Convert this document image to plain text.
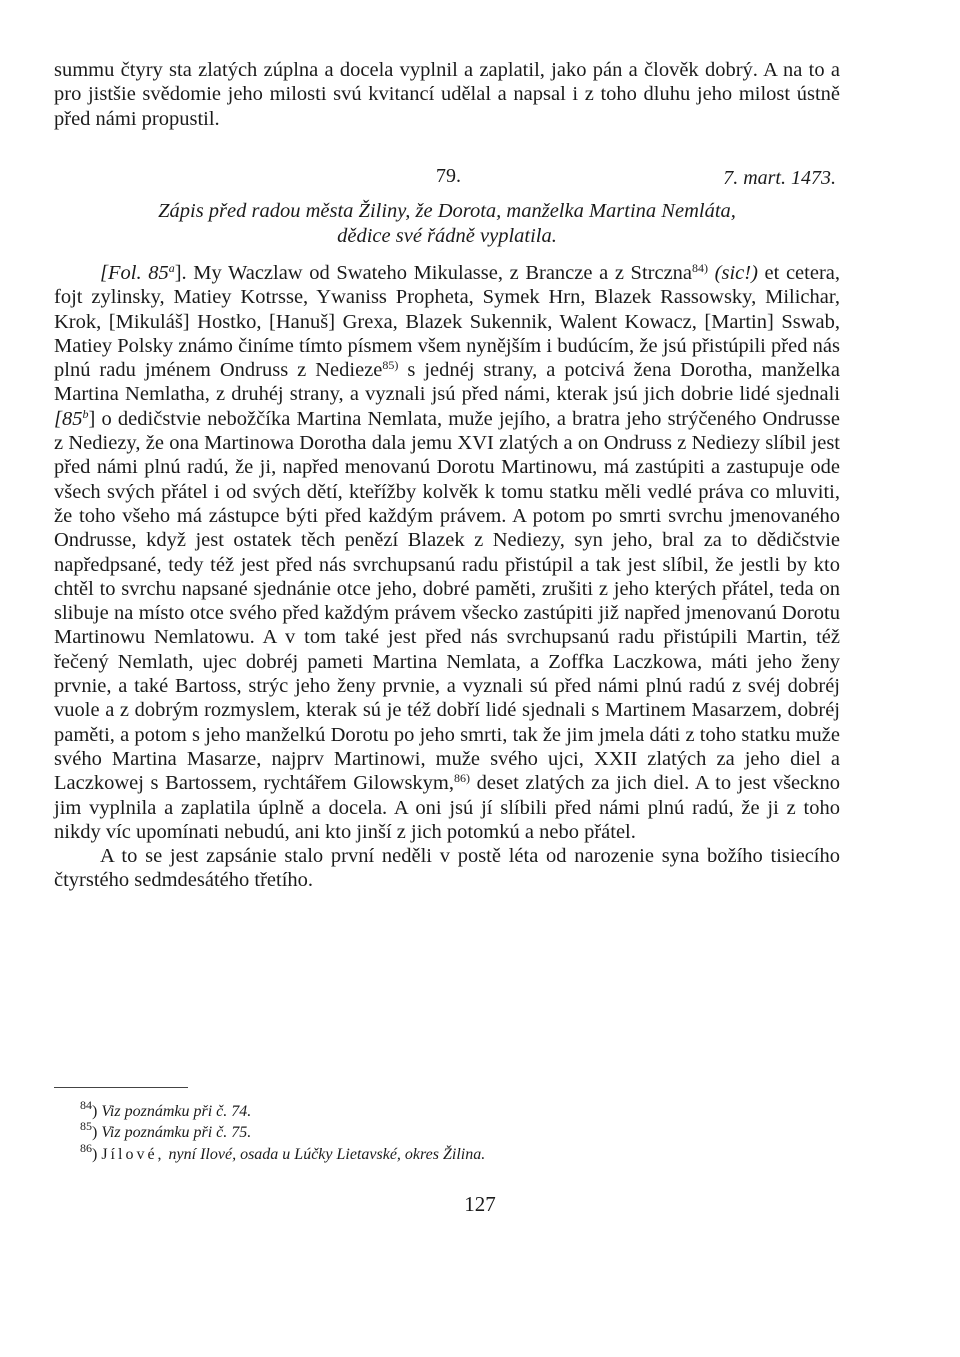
summu čtyry sta zlatých zúplna a docela vyplnil a zaplatil, jako pán a člověk dobrý. A na to a pro jistšie svědomie jeho milosti svú kvitancí udělal a napsal i z toho dluhu jeho milost ústně před námi propustil.

79.	7. mart. 1473.
Zápis před radou města Žiliny, že Dorota, manželka Martina Nemláta,
dědice své řádně vyplatila.

[Fol. 85$^a$]. My Waczlaw od Swateho Mikulasse, z Brancze a z Strczna$^{84)}$ (sic!) et cetera, fojt zylinsky, Matiey Kotrsse, Ywaniss Propheta, Symek Hrn, Blazek Rassowsky, Milichar, Krok, [Mikuláš] Hostko, [Hanuš] Grexa, Blazek Sukennik, Walent Kowacz, [Martin] Sswab, Matiey Polsky známo činíme tímto písmem všem nynějším i budúcím, že jsú přistúpili před nás plnú radu jménem Ondruss z Nedieze$^{85)}$ s jednéj strany, a potcivá žena Dorotha, manželka Martina Nemlatha, z druhéj strany, a vyznali jsú před námi, kterak jsú jich dobrie lidé sjednali [85$^b$] o dedičstvie nebožčíka Martina Nemlata, muže jejího, a bratra jeho strýčeného Ondrusse z Nediezy, že ona Martinowa Dorotha dala jemu XVI zlatých a on Ondruss z Nediezy slíbil jest před námi plnú radú, že ji, napřed menovanú Dorotu Martinowu, má zastúpiti a zastupuje ode všech svých přátel i od svých dětí, kteřížby kolvěk k tomu statku měli vedlé práva co mluviti, že toho všeho má zástupce býti před každým právem. A potom po smrti svrchu jmenovaného Ondrusse, když jest ostatek těch penězí Blazek z Nediezy, syn jeho, bral za to dědičstvie napředpsané, tedy též jest před nás svrchupsanú radu přistúpil a tak jest slíbil, že jestli by kto chtěl to svrchu napsané sjednánie otce jeho, dobré paměti, zrušiti z jeho kterých přátel, teda on slibuje na místo otce svého před každým právem všecko zastúpiti již napřed jmenovanú Dorotu Martinowu Nemlatowu. A v tom také jest před nás svrchupsanú radu přistúpili Martin, též řečený Nemlath, ujec dobréj pameti Martina Nemlata, a Zoffka Laczkowa, máti jeho ženy prvnie, a také Bartoss, strýc jeho ženy prvnie, a vyznali sú před námi plnú radú z svéj dobréj vuole a z dobrým rozmyslem, kterak sú je též dobří lidé sjednali s Martinem Masarzem, dobréj paměti, a potom s jeho manželkú Dorotu po jeho smrti, tak že jim jmela dáti z toho statku muže svého Martina Masarze, najprv Martinowi, muže svého ujci, XXII zlatých za jeho diel a Laczkowej s Bartossem, rychtářem Gilowskym,$^{86)}$ deset zlatých za jich diel. A to jest všeckno jim vyplnila a zaplatila úplně a docela. A oni jsú jí slíbili před námi plnú radú, že ji z toho nikdy víc upomínati nebudú, ani kto jinší z jich potomkú a nebo přátel.

A to se jest zapsánie stalo první neděli v postě léta od narozenie syna božího tisiecího čtyrstého sedmdesátého třetího.

$^{84}$) Viz poznámku při č. 74.
$^{85}$) Viz poznámku při č. 75.
$^{86}$) Jílové, nyní Ilové, osada u Lúčky Lietavské, okres Žilina.
127
